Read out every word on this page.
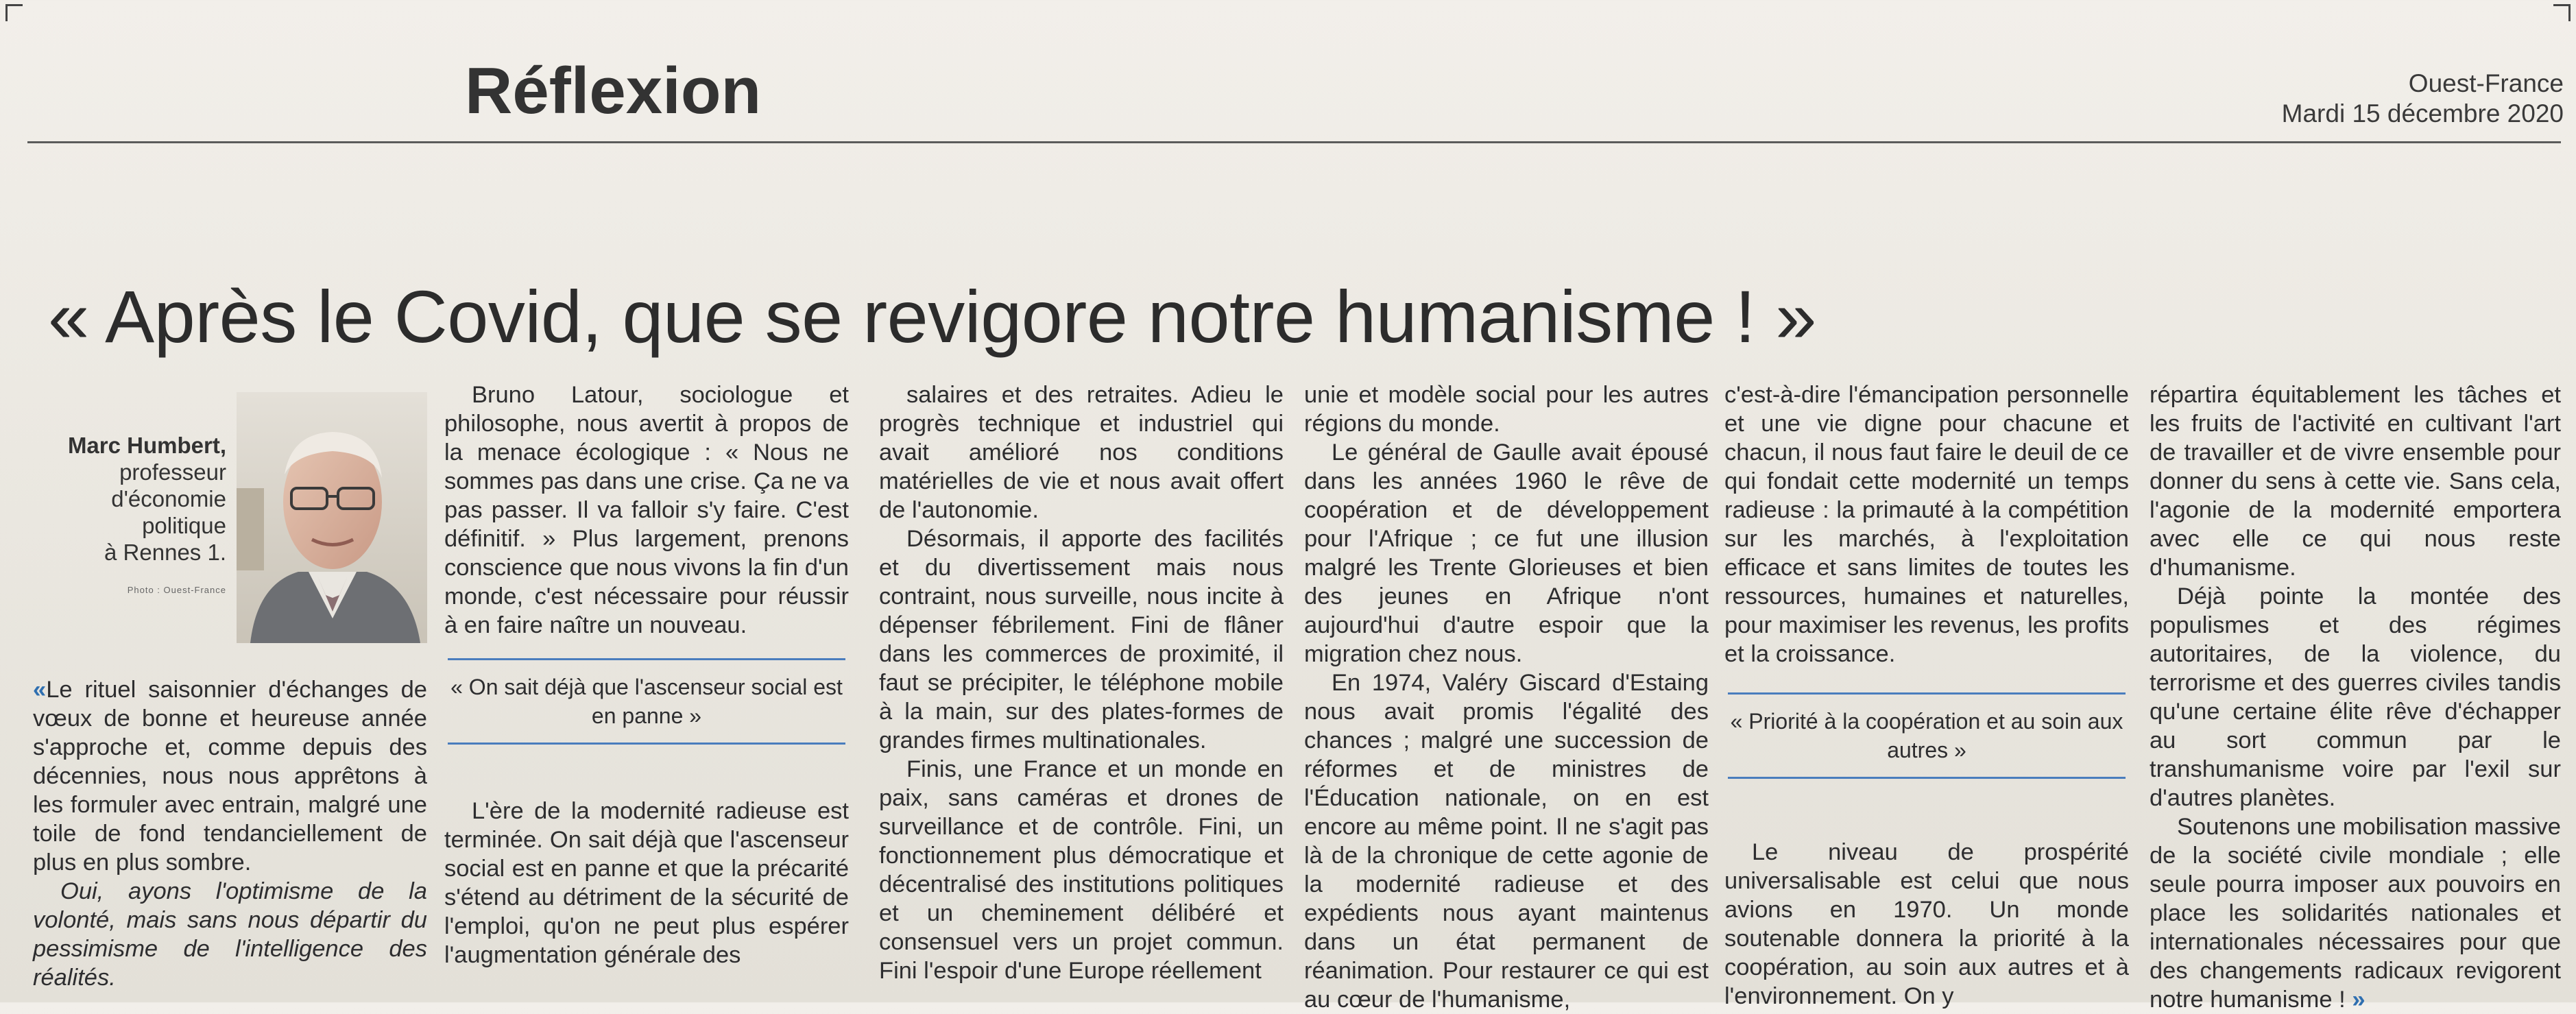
Réflexion	Ouest-France
Mardi 15 décembre 2020
« Après le Covid, que se revigore notre humanisme ! »
Marc Humbert,
professeur
d'économie
politique
à Rennes 1.
Photo : Ouest-France

«Le rituel saisonnier d'échanges de vœux de bonne et heureuse année s'approche et, comme depuis des décennies, nous nous apprêtons à les formuler avec entrain, malgré une toile de fond tendanciellement de plus en plus sombre.

Oui, ayons l'optimisme de la volonté, mais sans nous départir du pessimisme de l'intelligence des réalités.

Bruno Latour, sociologue et philosophe, nous avertit à propos de la menace écologique : « Nous ne sommes pas dans une crise. Ça ne va pas passer. Il va falloir s'y faire. C'est définitif. » Plus largement, prenons conscience que nous vivons la fin d'un monde, c'est nécessaire pour réussir à en faire naître un nouveau.

« On sait déjà que l'ascenseur social est en panne »

L'ère de la modernité radieuse est terminée. On sait déjà que l'ascenseur social est en panne et que la précarité s'étend au détriment de la sécurité de l'emploi, qu'on ne peut plus espérer l'augmentation générale des

salaires et des retraites. Adieu le progrès technique et industriel qui avait amélioré nos conditions matérielles de vie et nous avait offert de l'autonomie.

Désormais, il apporte des facilités et du divertissement mais nous contraint, nous surveille, nous incite à dépenser fébrilement. Fini de flâner dans les commerces de proximité, il faut se précipiter, le téléphone mobile à la main, sur des plates-formes de grandes firmes multinationales.

Finis, une France et un monde en paix, sans caméras et drones de surveillance et de contrôle. Fini, un fonctionnement plus démocratique et décentralisé des institutions politiques et un cheminement délibéré et consensuel vers un projet commun. Fini l'espoir d'une Europe réellement

unie et modèle social pour les autres régions du monde.

Le général de Gaulle avait épousé dans les années 1960 le rêve de coopération et de développement pour l'Afrique ; ce fut une illusion malgré les Trente Glorieuses et bien des jeunes en Afrique n'ont aujourd'hui d'autre espoir que la migration chez nous.

En 1974, Valéry Giscard d'Estaing nous avait promis l'égalité des chances ; malgré une succession de réformes et de ministres de l'Éducation nationale, on en est encore au même point. Il ne s'agit pas là de la chronique de cette agonie de la modernité radieuse et des expédients nous ayant maintenus dans un état permanent de réanimation. Pour restaurer ce qui est au cœur de l'humanisme,

c'est-à-dire l'émancipation personnelle et une vie digne pour chacune et chacun, il nous faut faire le deuil de ce qui fondait cette modernité un temps radieuse : la primauté à la compétition sur les marchés, à l'exploitation efficace et sans limites de toutes les ressources, humaines et naturelles, pour maximiser les revenus, les profits et la croissance.

« Priorité à la coopération et au soin aux autres »

Le niveau de prospérité universalisable est celui que nous avions en 1970. Un monde soutenable donnera la priorité à la coopération, au soin aux autres et à l'environnement. On y

répartira équitablement les tâches et les fruits de l'activité en cultivant l'art de travailler et de vivre ensemble pour donner du sens à cette vie. Sans cela, l'agonie de la modernité emportera avec elle ce qui nous reste d'humanisme.

Déjà pointe la montée des populismes et des régimes autoritaires, de la violence, du terrorisme et des guerres civiles tandis qu'une certaine élite rêve d'échapper au sort commun par le transhumanisme voire par l'exil sur d'autres planètes.

Soutenons une mobilisation massive de la société civile mondiale ; elle seule pourra imposer aux pouvoirs en place les solidarités nationales et internationales nécessaires pour que des changements radicaux revigorent notre humanisme ! »
